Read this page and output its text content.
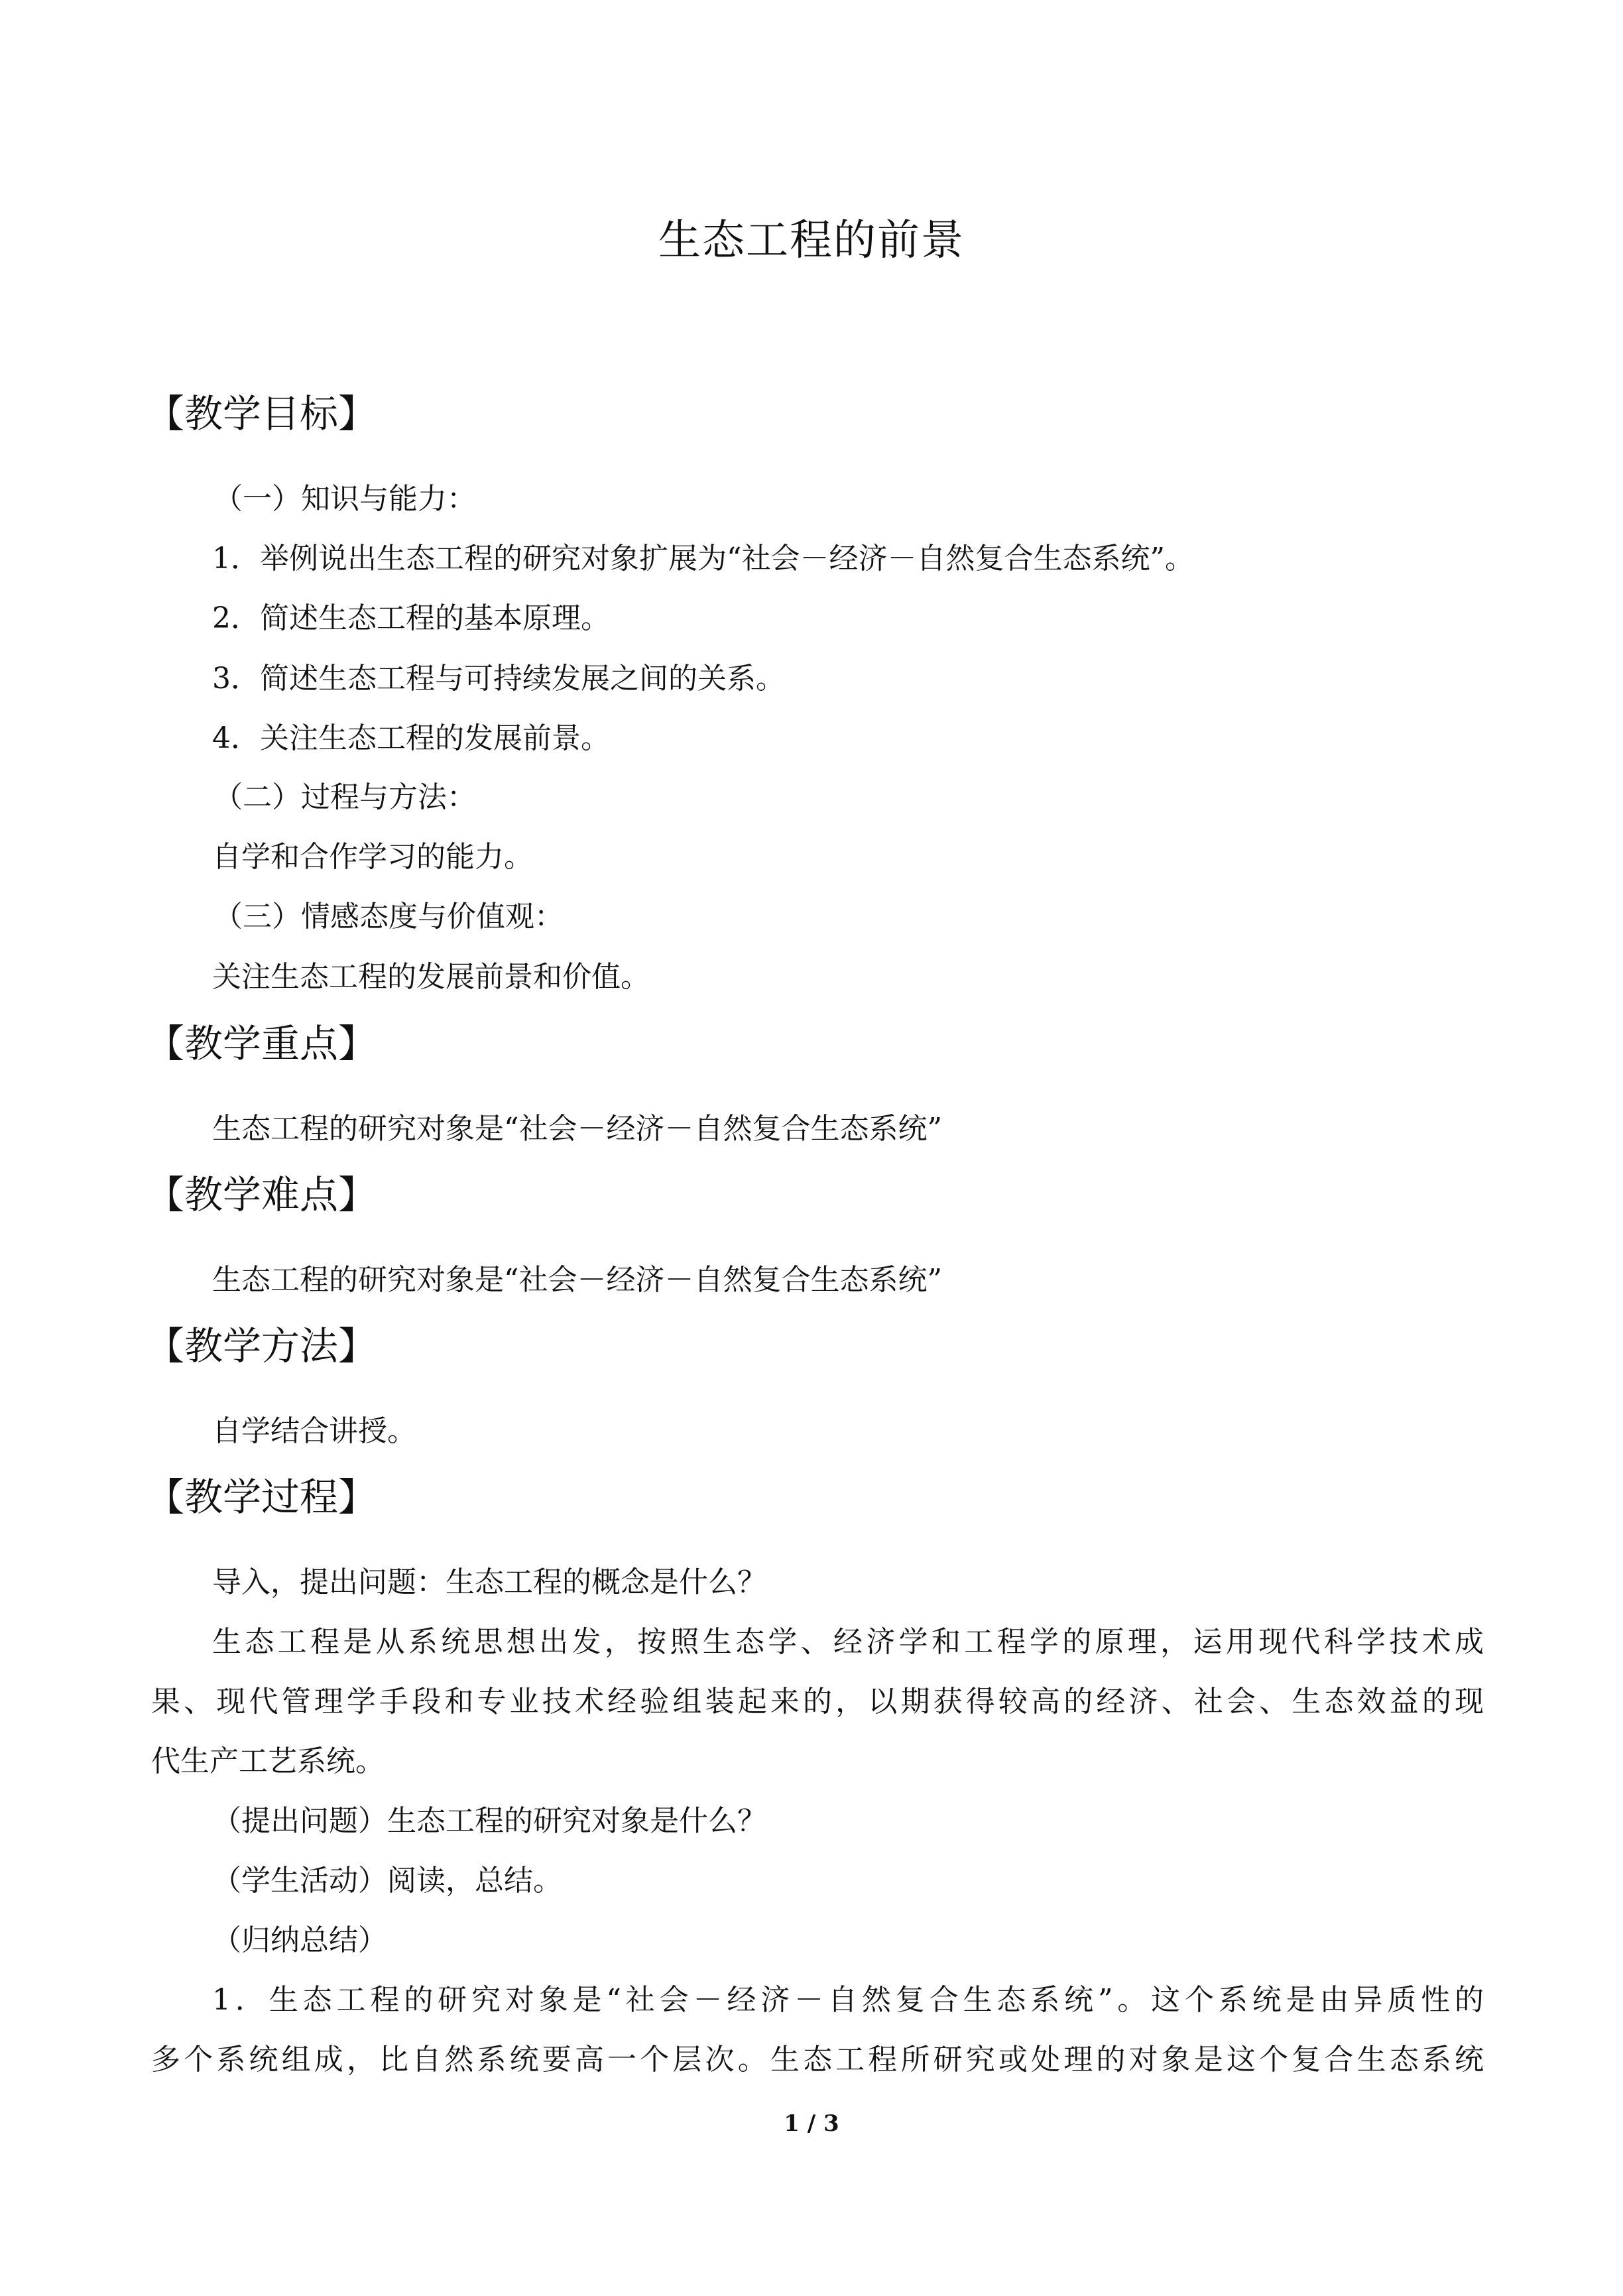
生态工程的前景
【教学目标】
（一）知识与能力：
1．举例说出生态工程的研究对象扩展为“社会－经济－自然复合生态系统”。
2．简述生态工程的基本原理。
3．简述生态工程与可持续发展之间的关系。
4．关注生态工程的发展前景。
（二）过程与方法：
自学和合作学习的能力。
（三）情感态度与价值观：
关注生态工程的发展前景和价值。
【教学重点】
生态工程的研究对象是“社会－经济－自然复合生态系统”
【教学难点】
生态工程的研究对象是“社会－经济－自然复合生态系统”
【教学方法】
自学结合讲授。
【教学过程】
导入，提出问题：生态工程的概念是什么？
生态工程是从系统思想出发，按照生态学、经济学和工程学的原理，运用现代科学技术成
果、现代管理学手段和专业技术经验组装起来的，以期获得较高的经济、社会、生态效益的现
代生产工艺系统。
（提出问题）生态工程的研究对象是什么？
（学生活动）阅读，总结。
（归纳总结）
1．生态工程的研究对象是“社会－经济－自然复合生态系统”。这个系统是由异质性的
多个系统组成，比自然系统要高一个层次。生态工程所研究或处理的对象是这个复合生态系统
1 / 3
